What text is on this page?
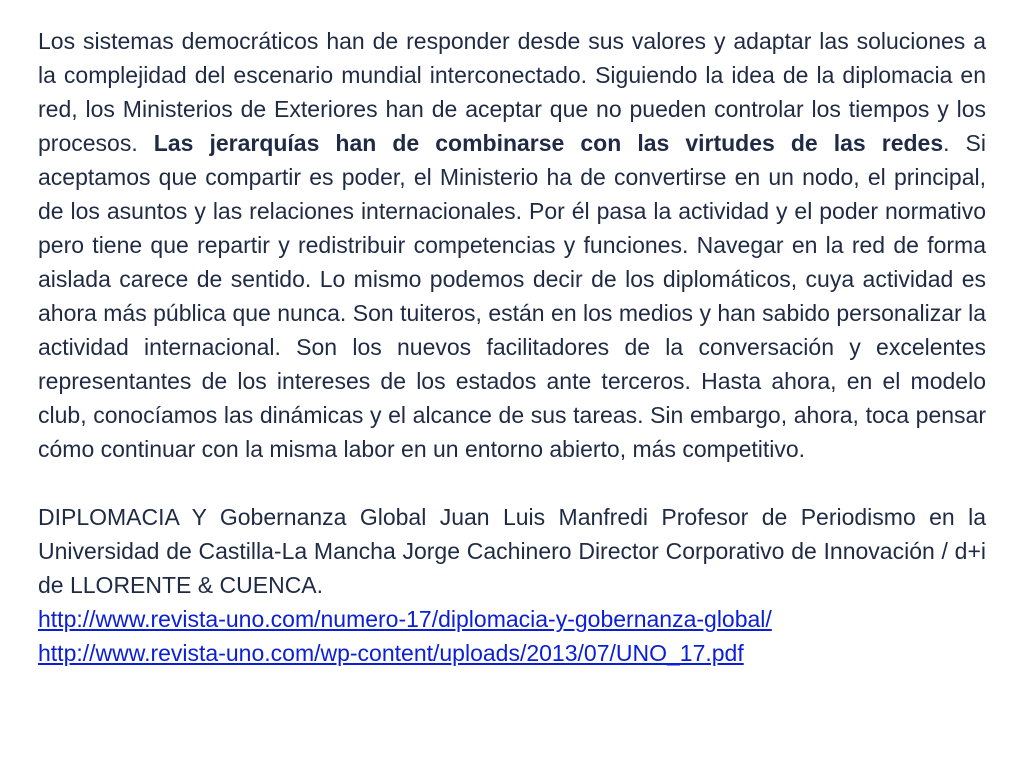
Los sistemas democráticos han de responder desde sus valores y adaptar las soluciones a la complejidad del escenario mundial interconectado. Siguiendo la idea de la diplomacia en red, los Ministerios de Exteriores han de aceptar que no pueden controlar los tiempos y los procesos. Las jerarquías han de combinarse con las virtudes de las redes. Si aceptamos que compartir es poder, el Ministerio ha de convertirse en un nodo, el principal, de los asuntos y las relaciones internacionales. Por él pasa la actividad y el poder normativo pero tiene que repartir y redistribuir competencias y funciones. Navegar en la red de forma aislada carece de sentido. Lo mismo podemos decir de los diplomáticos, cuya actividad es ahora más pública que nunca. Son tuiteros, están en los medios y han sabido personalizar la actividad internacional. Son los nuevos facilitadores de la conversación y excelentes representantes de los intereses de los estados ante terceros. Hasta ahora, en el modelo club, conocíamos las dinámicas y el alcance de sus tareas. Sin embargo, ahora, toca pensar cómo continuar con la misma labor en un entorno abierto, más competitivo.

DIPLOMACIA Y Gobernanza Global Juan Luis Manfredi Profesor de Periodismo en la Universidad de Castilla-La Mancha Jorge Cachinero Director Corporativo de Innovación / d+i de LLORENTE & CUENCA.

http://www.revista-uno.com/numero-17/diplomacia-y-gobernanza-global/
http://www.revista-uno.com/wp-content/uploads/2013/07/UNO_17.pdf
